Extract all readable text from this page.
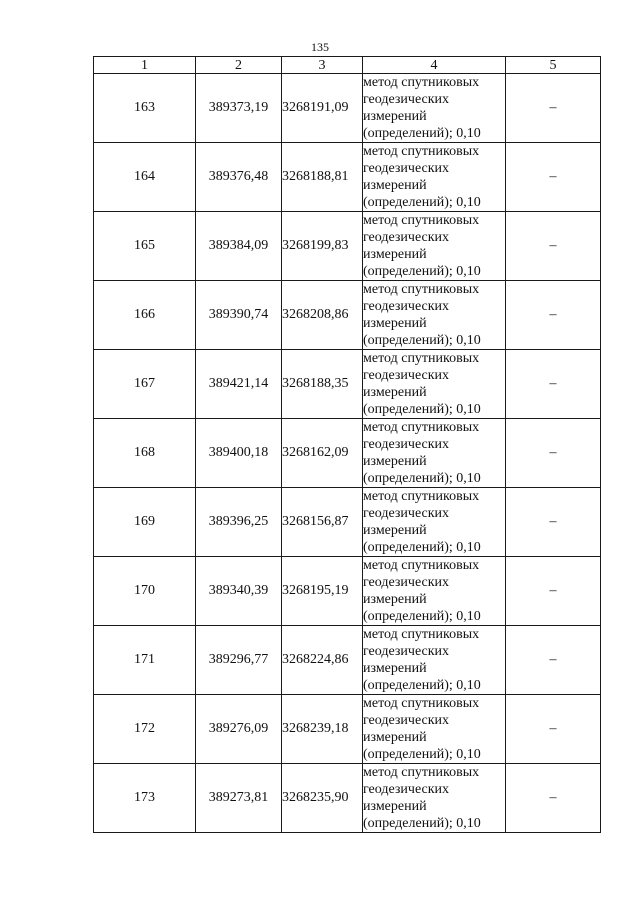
135
1	2	3	4	5
163	389373,19	3268191,09	метод спутниковых
геодезических
измерений
(определений); 0,10	–
164	389376,48	3268188,81	метод спутниковых
геодезических
измерений
(определений); 0,10	–
165	389384,09	3268199,83	метод спутниковых
геодезических
измерений
(определений); 0,10	–
166	389390,74	3268208,86	метод спутниковых
геодезических
измерений
(определений); 0,10	–
167	389421,14	3268188,35	метод спутниковых
геодезических
измерений
(определений); 0,10	–
168	389400,18	3268162,09	метод спутниковых
геодезических
измерений
(определений); 0,10	–
169	389396,25	3268156,87	метод спутниковых
геодезических
измерений
(определений); 0,10	–
170	389340,39	3268195,19	метод спутниковых
геодезических
измерений
(определений); 0,10	–
171	389296,77	3268224,86	метод спутниковых
геодезических
измерений
(определений); 0,10	–
172	389276,09	3268239,18	метод спутниковых
геодезических
измерений
(определений); 0,10	–
173	389273,81	3268235,90	метод спутниковых
геодезических
измерений
(определений); 0,10	–
